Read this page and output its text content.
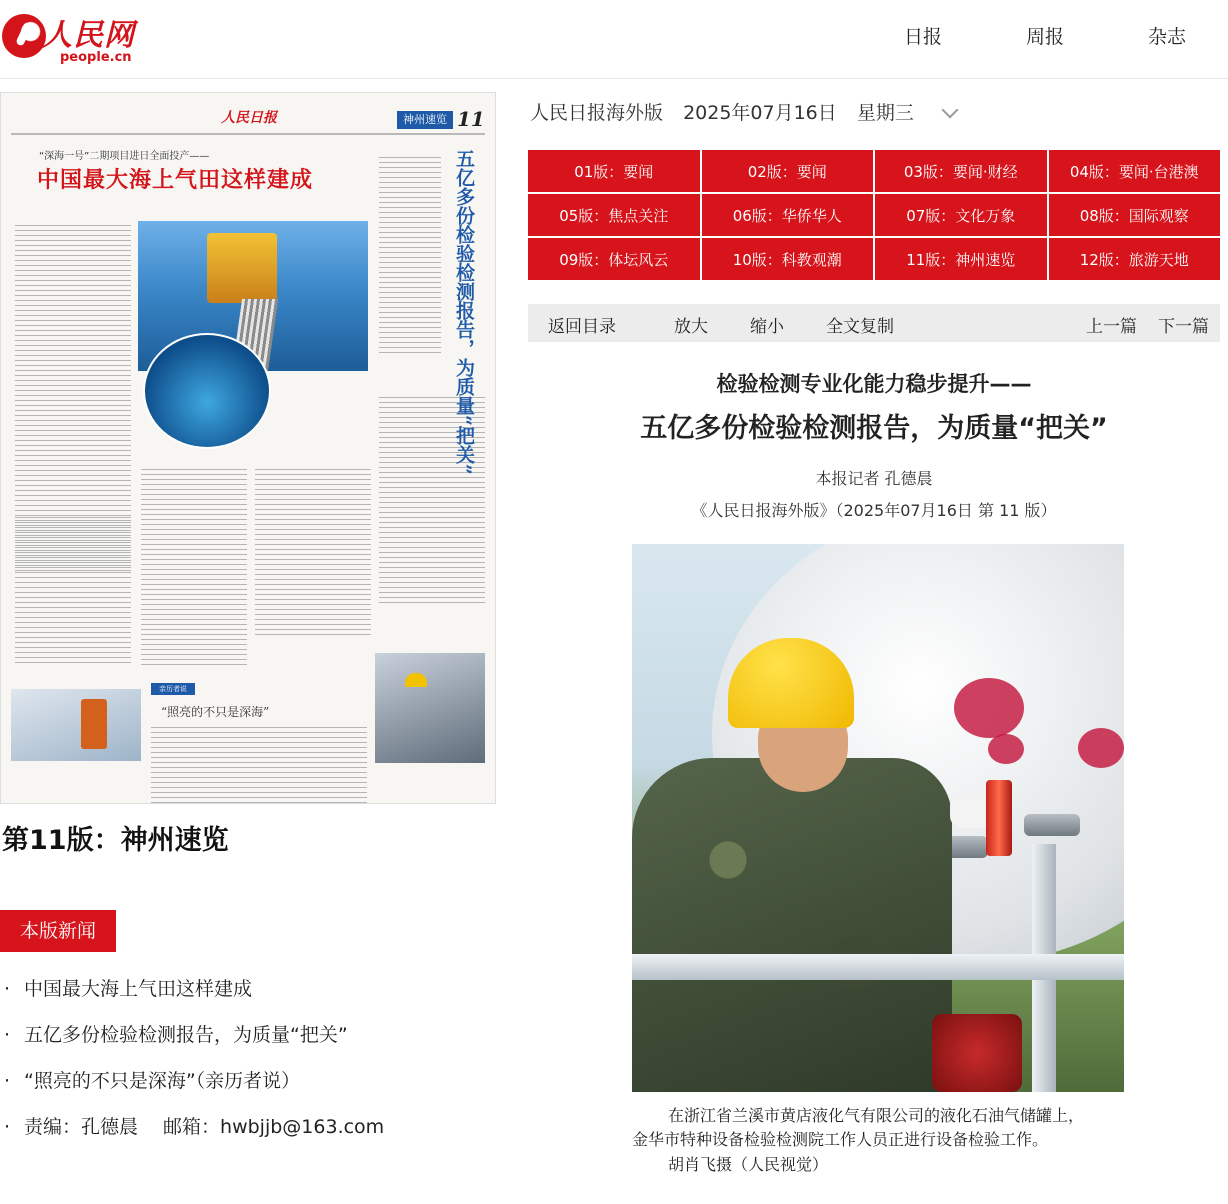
人民网
people.cn
日报	周报	杂志
人民日报	神州速览 11
“深海一号”二期项目进日全面投产——
中国最大海上气田这样建成	五亿多份检验检测报告，为质量“把关”
亲历者说
“照亮的不只是深海”
第11版：神州速览
本版新闻
· 中国最大海上气田这样建成
· 五亿多份检验检测报告，为质量“把关”
· “照亮的不只是深海”（亲历者说）
· 责编：孔德晨　 邮箱：hwbjjb@163.com
人民日报海外版 2025年07月16日 星期三
01版：要闻	02版：要闻	03版：要闻·财经	04版：要闻·台港澳
05版：焦点关注	06版：华侨华人	07版：文化万象	08版：国际观察
09版：体坛风云	10版：科教观潮	11版：神州速览	12版：旅游天地
返回目录	放大 缩小 全文复制	上一篇 下一篇
检验检测专业化能力稳步提升——
五亿多份检验检测报告，为质量“把关”
本报记者 孔德晨
《人民日报海外版》（2025年07月16日 第 11 版）
在浙江省兰溪市黄店液化气有限公司的液化石油气储罐上，
金华市特种设备检验检测院工作人员正进行设备检验工作。
胡肖飞摄（人民视觉）
